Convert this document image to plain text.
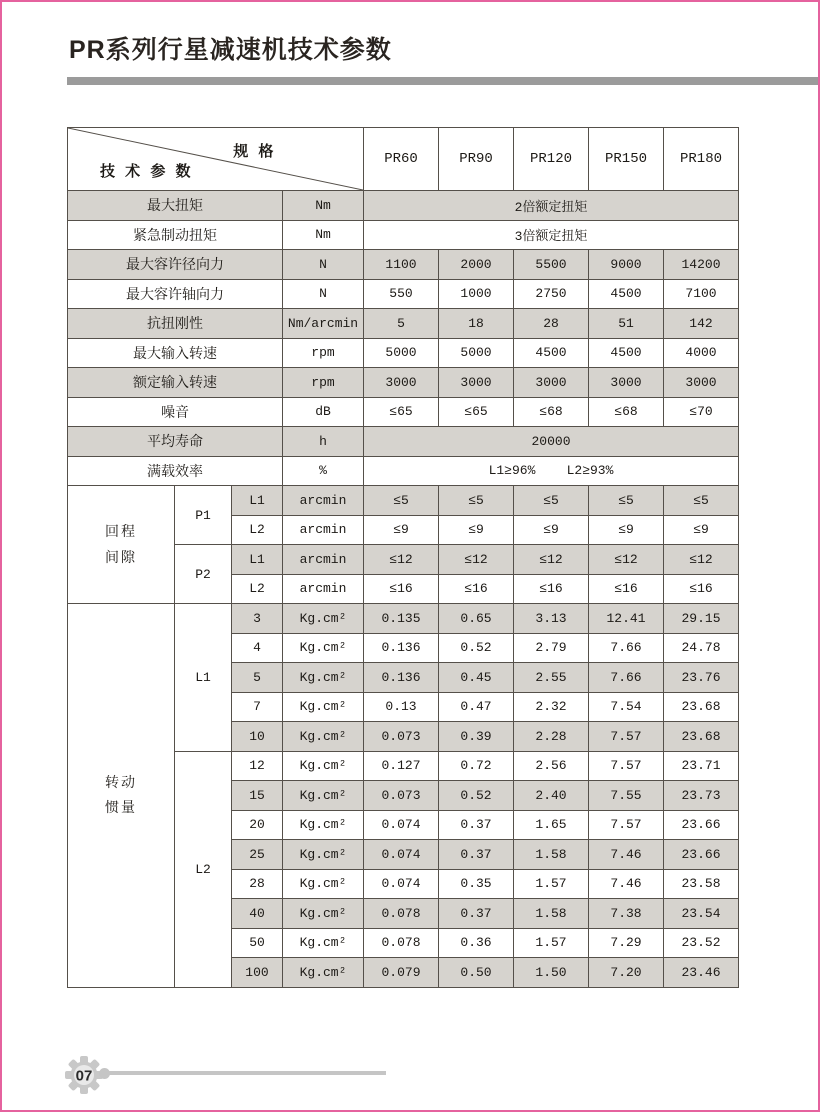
PR系列行星减速机技术参数
规 格
技 术 参 数				PR60	PR90	PR120	PR150	PR180
最大扭矩			Nm	2倍额定扭矩				
紧急制动扭矩			Nm	3倍额定扭矩				
最大容许径向力			N	1100	2000	5500	9000	14200
最大容许轴向力			N	550	1000	2750	4500	7100
抗扭刚性			Nm/arcmin	5	18	28	51	142
最大输入转速			rpm	5000	5000	4500	4500	4000
额定输入转速			rpm	3000	3000	3000	3000	3000
噪音			dB	≤65	≤65	≤68	≤68	≤70
平均寿命			h	20000				
满载效率			%	L1≥96%    L2≥93%				
回程
间隙	P1	L1	arcmin	≤5	≤5	≤5	≤5	≤5
		L2	arcmin	≤9	≤9	≤9	≤9	≤9
	P2	L1	arcmin	≤12	≤12	≤12	≤12	≤12
		L2	arcmin	≤16	≤16	≤16	≤16	≤16
转动
惯量	L1	3	Kg.cm²	0.135	0.65	3.13	12.41	29.15
		4	Kg.cm²	0.136	0.52	2.79	7.66	24.78
		5	Kg.cm²	0.136	0.45	2.55	7.66	23.76
		7	Kg.cm²	0.13	0.47	2.32	7.54	23.68
		10	Kg.cm²	0.073	0.39	2.28	7.57	23.68
	L2	12	Kg.cm²	0.127	0.72	2.56	7.57	23.71
		15	Kg.cm²	0.073	0.52	2.40	7.55	23.73
		20	Kg.cm²	0.074	0.37	1.65	7.57	23.66
		25	Kg.cm²	0.074	0.37	1.58	7.46	23.66
		28	Kg.cm²	0.074	0.35	1.57	7.46	23.58
		40	Kg.cm²	0.078	0.37	1.58	7.38	23.54
		50	Kg.cm²	0.078	0.36	1.57	7.29	23.52
		100	Kg.cm²	0.079	0.50	1.50	7.20	23.46
07
